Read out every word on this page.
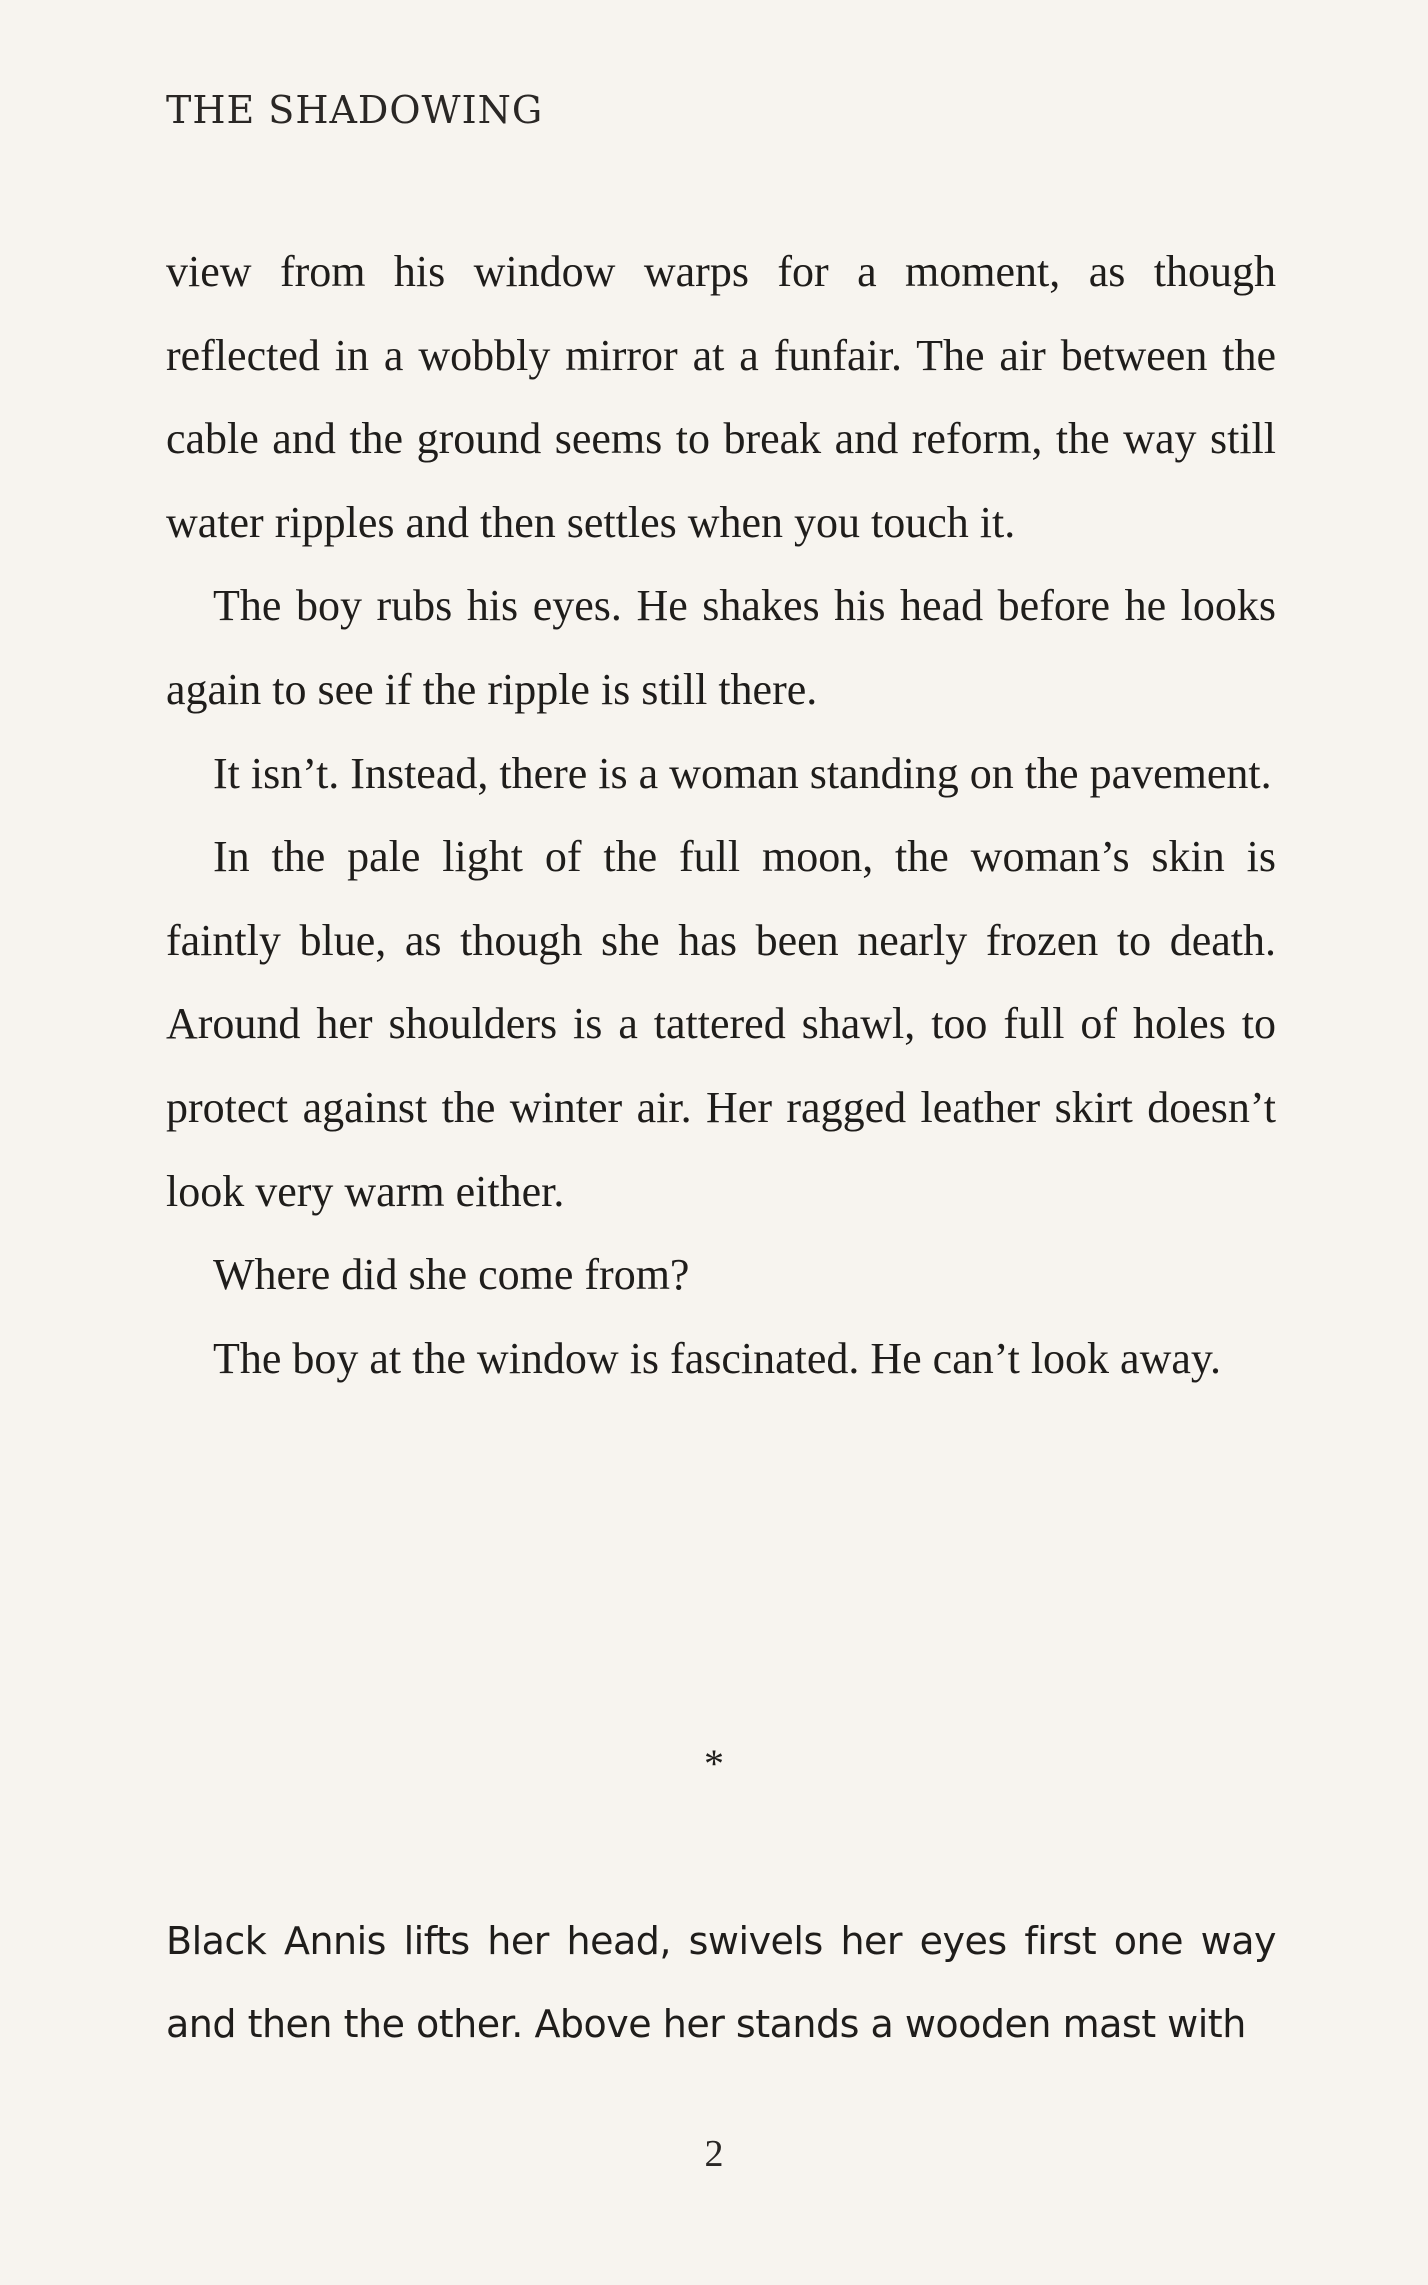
THE SHADOWING

view from his window warps for a moment, as though reflected in a wobbly mirror at a funfair. The air between the cable and the ground seems to break and reform, the way still water ripples and then settles when you touch it.

The boy rubs his eyes. He shakes his head before he looks again to see if the ripple is still there.

It isn’t. Instead, there is a woman standing on the pavement.

In the pale light of the full moon, the woman’s skin is faintly blue, as though she has been nearly frozen to death. Around her shoulders is a tattered shawl, too full of holes to protect against the winter air. Her ragged leather skirt doesn’t look very warm either.

Where did she come from?

The boy at the window is fascinated. He can’t look away.

*

Black Annis lifts her head, swivels her eyes first one way and then the other. Above her stands a wooden mast with

2
